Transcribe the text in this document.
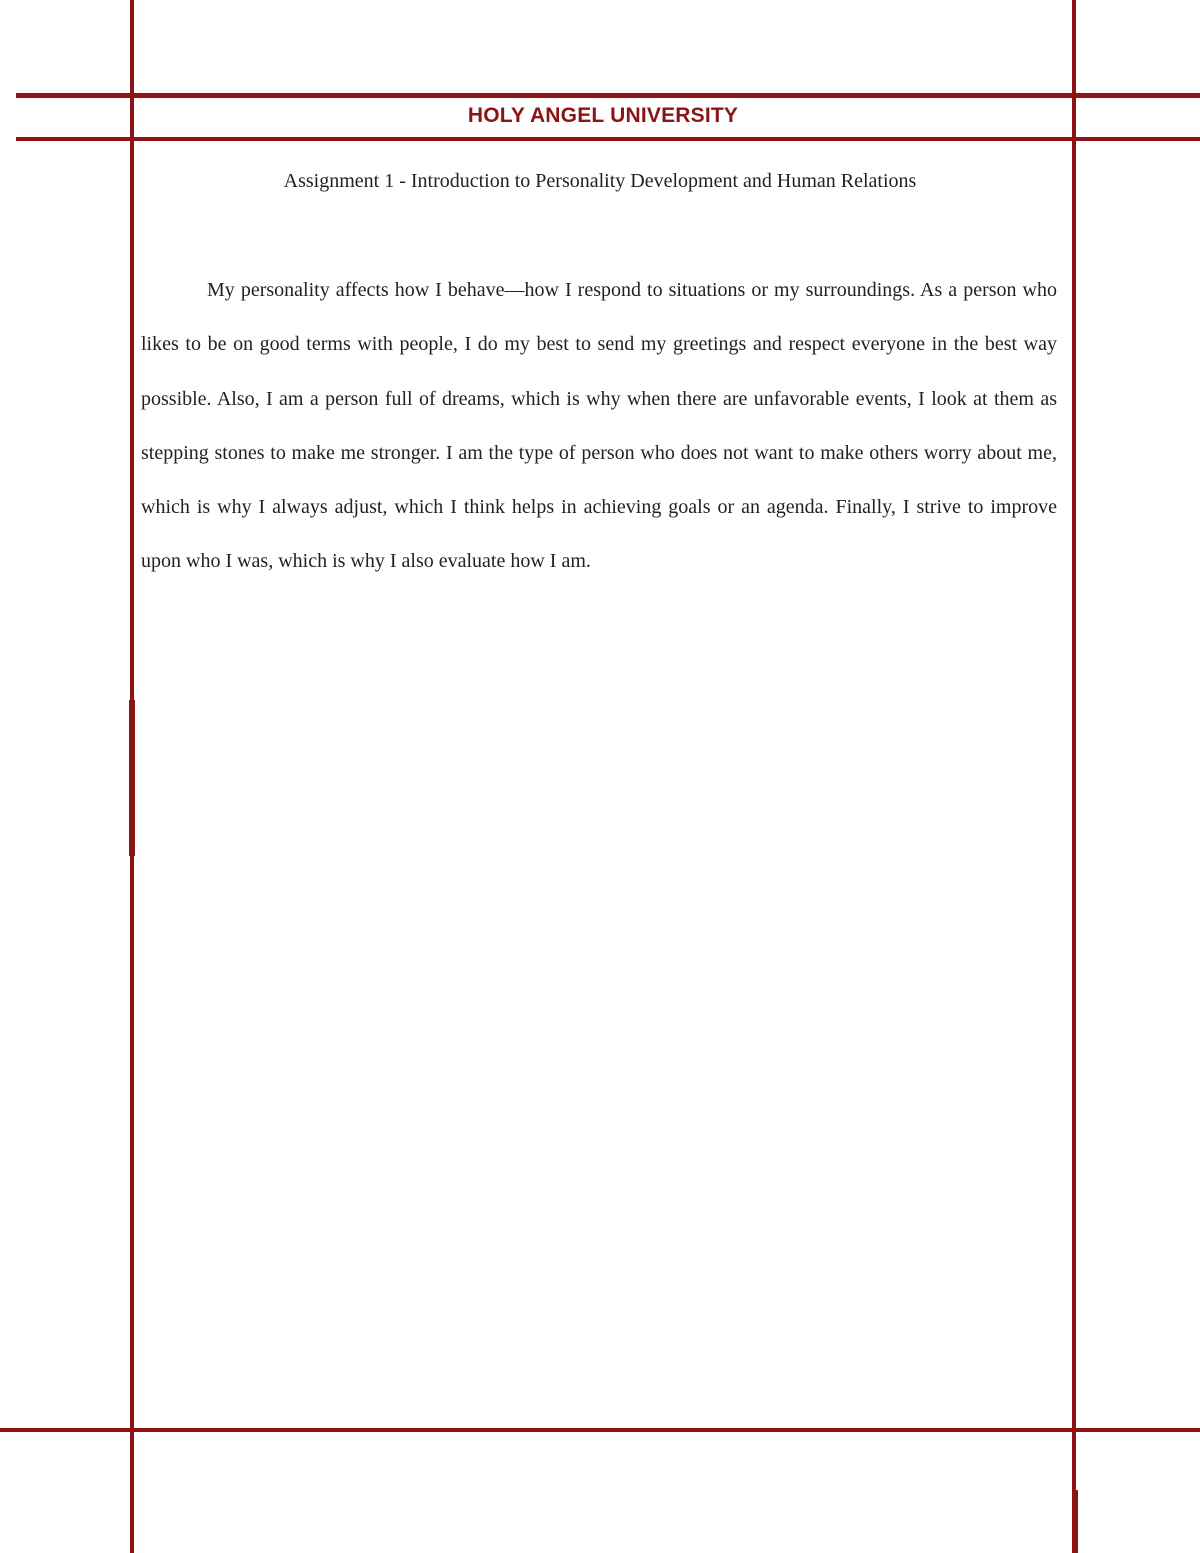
HOLY ANGEL UNIVERSITY
Assignment 1 - Introduction to Personality Development and Human Relations

My personality affects how I behave—how I respond to situations or my surroundings. As a person who likes to be on good terms with people, I do my best to send my greetings and respect everyone in the best way possible. Also, I am a person full of dreams, which is why when there are unfavorable events, I look at them as stepping stones to make me stronger. I am the type of person who does not want to make others worry about me, which is why I always adjust, which I think helps in achieving goals or an agenda. Finally, I strive to improve upon who I was, which is why I also evaluate how I am.
